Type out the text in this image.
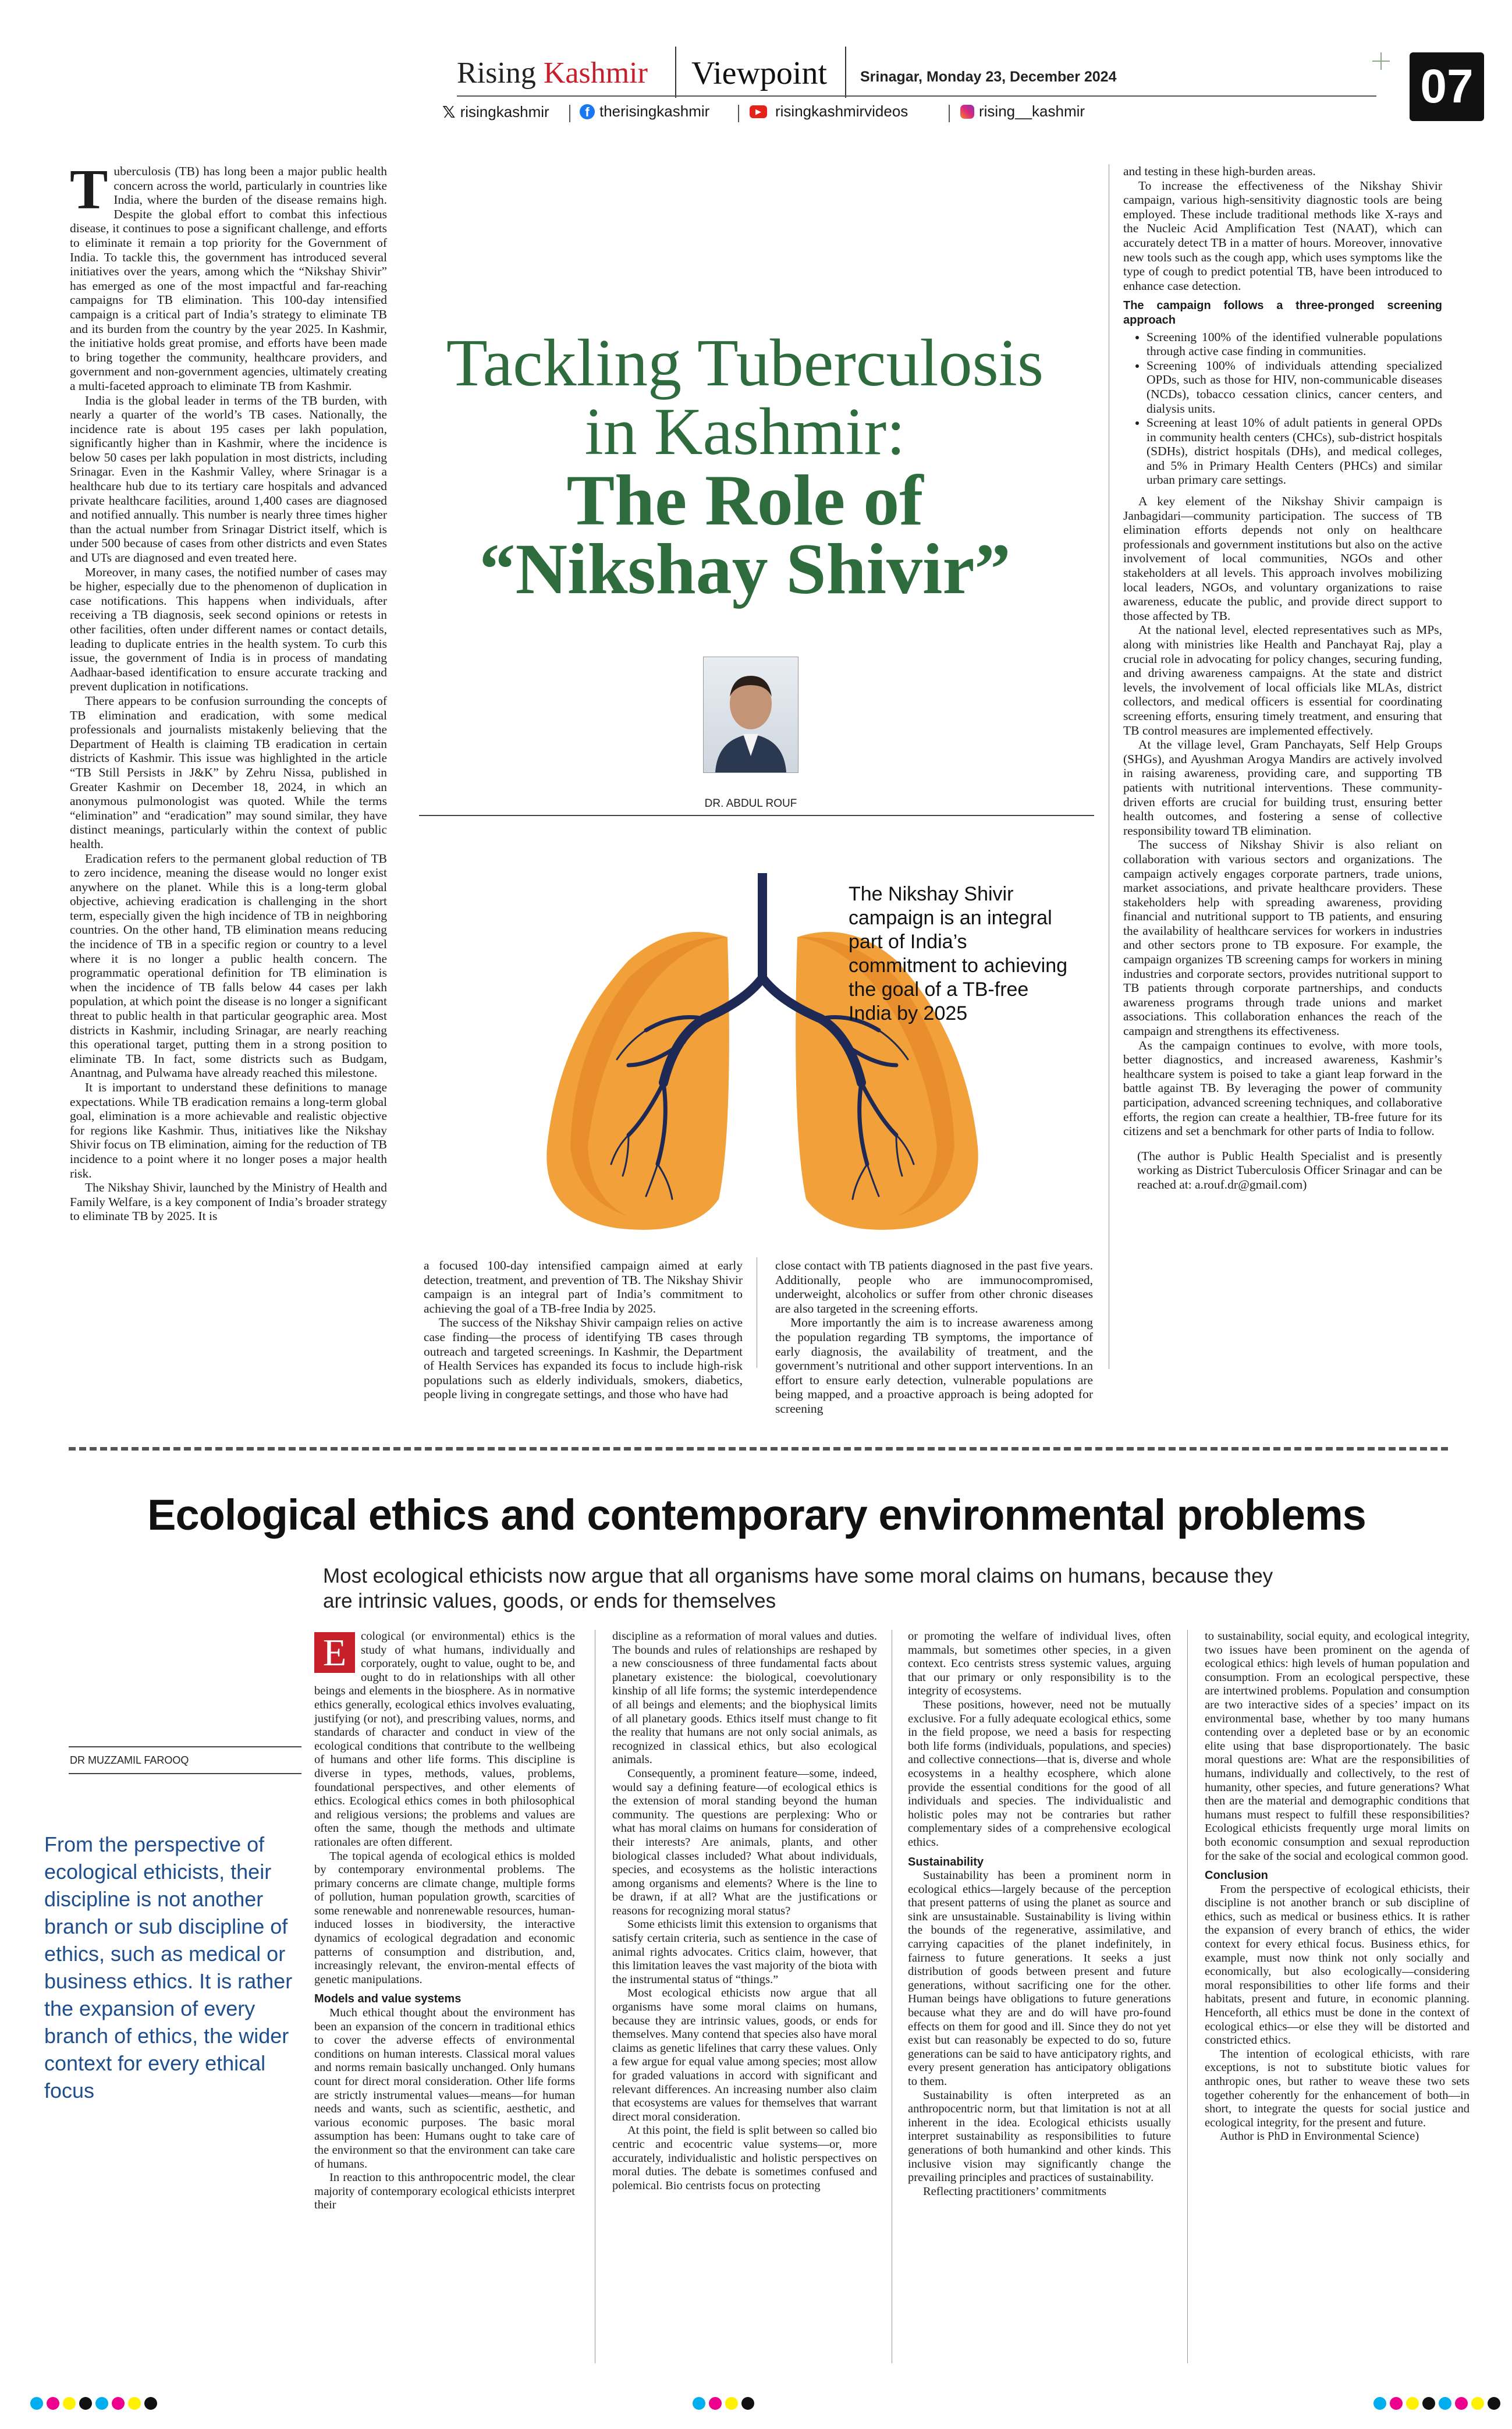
Rising Kashmir Viewpoint Srinagar, Monday 23, December 2024
𝕏 risingkashmir	f therisingkashmir	▶ risingkashmirvideos	rising__kashmir	07

Tuberculosis (TB) has long been a major public health concern across the world, particularly in countries like India, where the burden of the disease remains high. Despite the global effort to combat this infectious disease, it continues to pose a significant challenge, and efforts to eliminate it remain a top priority for the Government of India. To tackle this, the government has introduced several initiatives over the years, among which the “Nikshay Shivir” has emerged as one of the most impactful and far-reaching campaigns for TB elimination. This 100-day intensified campaign is a critical part of India’s strategy to eliminate TB and its burden from the country by the year 2025. In Kashmir, the initiative holds great promise, and efforts have been made to bring together the community, healthcare providers, and government and non-government agencies, ultimately creating a multi-faceted approach to eliminate TB from Kashmir.

India is the global leader in terms of the TB burden, with nearly a quarter of the world’s TB cases. Nationally, the incidence rate is about 195 cases per lakh population, significantly higher than in Kashmir, where the incidence is below 50 cases per lakh population in most districts, including Srinagar. Even in the Kashmir Valley, where Srinagar is a healthcare hub due to its tertiary care hospitals and advanced private healthcare facilities, around 1,400 cases are diagnosed and notified annually. This number is nearly three times higher than the actual number from Srinagar District itself, which is under 500 because of cases from other districts and even States and UTs are diagnosed and even treated here.

Moreover, in many cases, the notified number of cases may be higher, especially due to the phenomenon of duplication in case notifications. This happens when individuals, after receiving a TB diagnosis, seek second opinions or retests in other facilities, often under different names or contact details, leading to duplicate entries in the health system. To curb this issue, the government of India is in process of mandating Aadhaar-based identification to ensure accurate tracking and prevent duplication in notifications.

There appears to be confusion surrounding the concepts of TB elimination and eradication, with some medical professionals and journalists mistakenly believing that the Department of Health is claiming TB eradication in certain districts of Kashmir. This issue was highlighted in the article “TB Still Persists in J&K” by Zehru Nissa, published in Greater Kashmir on December 18, 2024, in which an anonymous pulmonologist was quoted. While the terms “elimination” and “eradication” may sound similar, they have distinct meanings, particularly within the context of public health.

Eradication refers to the permanent global reduction of TB to zero incidence, meaning the disease would no longer exist anywhere on the planet. While this is a long-term global objective, achieving eradication is challenging in the short term, especially given the high incidence of TB in neighboring countries. On the other hand, TB elimination means reducing the incidence of TB in a specific region or country to a level where it is no longer a public health concern. The programmatic operational definition for TB elimination is when the incidence of TB falls below 44 cases per lakh population, at which point the disease is no longer a significant threat to public health in that particular geographic area. Most districts in Kashmir, including Srinagar, are nearly reaching this operational target, putting them in a strong position to eliminate TB. In fact, some districts such as Budgam, Anantnag, and Pulwama have already reached this milestone.

It is important to understand these definitions to manage expectations. While TB eradication remains a long-term global goal, elimination is a more achievable and realistic objective for regions like Kashmir. Thus, initiatives like the Nikshay Shivir focus on TB elimination, aiming for the reduction of TB incidence to a point where it no longer poses a major health risk.

The Nikshay Shivir, launched by the Ministry of Health and Family Welfare, is a key component of India’s broader strategy to eliminate TB by 2025. It is

Tackling Tuberculosis
in Kashmir:
The Role of
“Nikshay Shivir”
DR. ABDUL ROUF
The Nikshay Shivir campaign is an integral part of India’s commitment to achieving the goal of a TB-free India by 2025

a focused 100-day intensified campaign aimed at early detection, treatment, and prevention of TB. The Nikshay Shivir campaign is an integral part of India’s commitment to achieving the goal of a TB-free India by 2025.

The success of the Nikshay Shivir campaign relies on active case finding—the process of identifying TB cases through outreach and targeted screenings. In Kashmir, the Department of Health Services has expanded its focus to include high-risk populations such as elderly individuals, smokers, diabetics, people living in congregate settings, and those who have had

close contact with TB patients diagnosed in the past five years. Additionally, people who are immunocompromised, underweight, alcoholics or suffer from other chronic diseases are also targeted in the screening efforts.

More importantly the aim is to increase awareness among the population regarding TB symptoms, the importance of early diagnosis, the availability of treatment, and the government’s nutritional and other support interventions. In an effort to ensure early detection, vulnerable populations are being mapped, and a proactive approach is being adopted for screening

and testing in these high-burden areas.

To increase the effectiveness of the Nikshay Shivir campaign, various high-sensitivity diagnostic tools are being employed. These include traditional methods like X-rays and the Nucleic Acid Amplification Test (NAAT), which can accurately detect TB in a matter of hours. Moreover, innovative new tools such as the cough app, which uses symptoms like the type of cough to predict potential TB, have been introduced to enhance case detection.

The campaign follows a three-pronged screening approach
• Screening 100% of the identified vulnerable populations through active case finding in communities.
• Screening 100% of individuals attending specialized OPDs, such as those for HIV, non-communicable diseases (NCDs), tobacco cessation clinics, cancer centers, and dialysis units.
• Screening at least 10% of adult patients in general OPDs in community health centers (CHCs), sub-district hospitals (SDHs), district hospitals (DHs), and medical colleges, and 5% in Primary Health Centers (PHCs) and similar urban primary care settings.

A key element of the Nikshay Shivir campaign is Janbagidari—community participation. The success of TB elimination efforts depends not only on healthcare professionals and government institutions but also on the active involvement of local communities, NGOs and other stakeholders at all levels. This approach involves mobilizing local leaders, NGOs, and voluntary organizations to raise awareness, educate the public, and provide direct support to those affected by TB.

At the national level, elected representatives such as MPs, along with ministries like Health and Panchayat Raj, play a crucial role in advocating for policy changes, securing funding, and driving awareness campaigns. At the state and district levels, the involvement of local officials like MLAs, district collectors, and medical officers is essential for coordinating screening efforts, ensuring timely treatment, and ensuring that TB control measures are implemented effectively.

At the village level, Gram Panchayats, Self Help Groups (SHGs), and Ayushman Arogya Mandirs are actively involved in raising awareness, providing care, and supporting TB patients with nutritional interventions. These community-driven efforts are crucial for building trust, ensuring better health outcomes, and fostering a sense of collective responsibility toward TB elimination.

The success of Nikshay Shivir is also reliant on collaboration with various sectors and organizations. The campaign actively engages corporate partners, trade unions, market associations, and private healthcare providers. These stakeholders help with spreading awareness, providing financial and nutritional support to TB patients, and ensuring the availability of healthcare services for workers in industries and other sectors prone to TB exposure. For example, the campaign organizes TB screening camps for workers in mining industries and corporate sectors, provides nutritional support to TB patients through corporate partnerships, and conducts awareness programs through trade unions and market associations. This collaboration enhances the reach of the campaign and strengthens its effectiveness.

As the campaign continues to evolve, with more tools, better diagnostics, and increased awareness, Kashmir’s healthcare system is poised to take a giant leap forward in the battle against TB. By leveraging the power of community participation, advanced screening techniques, and collaborative efforts, the region can create a healthier, TB-free future for its citizens and set a benchmark for other parts of India to follow.

(The author is Public Health Specialist and is presently working as District Tuberculosis Officer Srinagar and can be reached at: a.rouf.dr@gmail.com)

Ecological ethics and contemporary environmental problems
Most ecological ethicists now argue that all organisms have some moral claims on humans, because they are intrinsic values, goods, or ends for themselves
DR MUZZAMIL FAROOQ
From the perspective of ecological ethicists, their discipline is not another branch or sub discipline of ethics, such as medical or business ethics. It is rather the expansion of every branch of ethics, the wider context for every ethical focus

E	cological (or environmental) ethics is the study of what humans, individually and corporately, ought to value, ought to be, and ought to do in relationships with all other beings and elements in the biosphere. As in normative ethics generally, ecological ethics involves evaluating, justifying (or not), and prescribing values, norms, and standards of character and conduct in view of the ecological conditions that contribute to the wellbeing of humans and other life forms. This discipline is diverse in types, methods, values, problems, foundational perspectives, and other elements of ethics. Ecological ethics comes in both philosophical and religious versions; the problems and values are often the same, though the methods and ultimate rationales are often different.

The topical agenda of ecological ethics is molded by contemporary environmental problems. The primary concerns are climate change, multiple forms of pollution, human population growth, scarcities of some renewable and nonrenewable resources, human-induced losses in biodiversity, the interactive dynamics of ecological degradation and economic patterns of consumption and distribution, and, increasingly relevant, the environ-mental effects of genetic manipulations.

Models and value systems

Much ethical thought about the environment has been an expansion of the concern in traditional ethics to cover the adverse effects of environmental conditions on human interests. Classical moral values and norms remain basically unchanged. Only humans count for direct moral consideration. Other life forms are strictly instrumental values—means—for human needs and wants, such as scientific, aesthetic, and various economic purposes. The basic moral assumption has been: Humans ought to take care of the environment so that the environment can take care of humans.

In reaction to this anthropocentric model, the clear majority of contemporary ecological ethicists interpret their

discipline as a reformation of moral values and duties. The bounds and rules of relationships are reshaped by a new consciousness of three fundamental facts about planetary existence: the biological, coevolutionary kinship of all life forms; the systemic interdependence of all beings and elements; and the biophysical limits of all planetary goods. Ethics itself must change to fit the reality that humans are not only social animals, as recognized in classical ethics, but also ecological animals.

Consequently, a prominent feature—some, indeed, would say a defining feature—of ecological ethics is the extension of moral standing beyond the human community. The questions are perplexing: Who or what has moral claims on humans for consideration of their interests? Are animals, plants, and other biological classes included? What about individuals, species, and ecosystems as the holistic interactions among organisms and elements? Where is the line to be drawn, if at all? What are the justifications or reasons for recognizing moral status?

Some ethicists limit this extension to organisms that satisfy certain criteria, such as sentience in the case of animal rights advocates. Critics claim, however, that this limitation leaves the vast majority of the biota with the instrumental status of “things.”

Most ecological ethicists now argue that all organisms have some moral claims on humans, because they are intrinsic values, goods, or ends for themselves. Many contend that species also have moral claims as genetic lifelines that carry these values. Only a few argue for equal value among species; most allow for graded valuations in accord with significant and relevant differences. An increasing number also claim that ecosystems are values for themselves that warrant direct moral consideration.

At this point, the field is split between so called bio centric and ecocentric value systems—or, more accurately, individualistic and holistic perspectives on moral duties. The debate is sometimes confused and polemical. Bio centrists focus on protecting

or promoting the welfare of individual lives, often mammals, but sometimes other species, in a given context. Eco centrists stress systemic values, arguing that our primary or only responsibility is to the integrity of ecosystems.

These positions, however, need not be mutually exclusive. For a fully adequate ecological ethics, some in the field propose, we need a basis for respecting both life forms (individuals, populations, and species) and collective connections—that is, diverse and whole ecosystems in a healthy ecosphere, which alone provide the essential conditions for the good of all individuals and species. The individualistic and holistic poles may not be contraries but rather complementary sides of a comprehensive ecological ethics.

Sustainability

Sustainability has been a prominent norm in ecological ethics—largely because of the perception that present patterns of using the planet as source and sink are unsustainable. Sustainability is living within the bounds of the regenerative, assimilative, and carrying capacities of the planet indefinitely, in fairness to future generations. It seeks a just distribution of goods between present and future generations, without sacrificing one for the other. Human beings have obligations to future generations because what they are and do will have pro-found effects on them for good and ill. Since they do not yet exist but can reasonably be expected to do so, future generations can be said to have anticipatory rights, and every present generation has anticipatory obligations to them.

Sustainability is often interpreted as an anthropocentric norm, but that limitation is not at all inherent in the idea. Ecological ethicists usually interpret sustainability as responsibilities to future generations of both humankind and other kinds. This inclusive vision may significantly change the prevailing principles and practices of sustainability.

Reflecting practitioners’ commitments

to sustainability, social equity, and ecological integrity, two issues have been prominent on the agenda of ecological ethics: high levels of human population and consumption. From an ecological perspective, these are intertwined problems. Population and consumption are two interactive sides of a species’ impact on its environmental base, whether by too many humans contending over a depleted base or by an economic elite using that base disproportionately. The basic moral questions are: What are the responsibilities of humans, individually and collectively, to the rest of humanity, other species, and future generations? What then are the material and demographic conditions that humans must respect to fulfill these responsibilities? Ecological ethicists frequently urge moral limits on both economic consumption and sexual reproduction for the sake of the social and ecological common good.

Conclusion

From the perspective of ecological ethicists, their discipline is not another branch or sub discipline of ethics, such as medical or business ethics. It is rather the expansion of every branch of ethics, the wider context for every ethical focus. Business ethics, for example, must now think not only socially and economically, but also ecologically—considering moral responsibilities to other life forms and their habitats, present and future, in economic planning. Henceforth, all ethics must be done in the context of ecological ethics—or else they will be distorted and constricted ethics.

The intention of ecological ethicists, with rare exceptions, is not to substitute biotic values for anthropic ones, but rather to weave these two sets together coherently for the enhancement of both—in short, to integrate the quests for social justice and ecological integrity, for the present and future.

Author is PhD in Environmental Science)
